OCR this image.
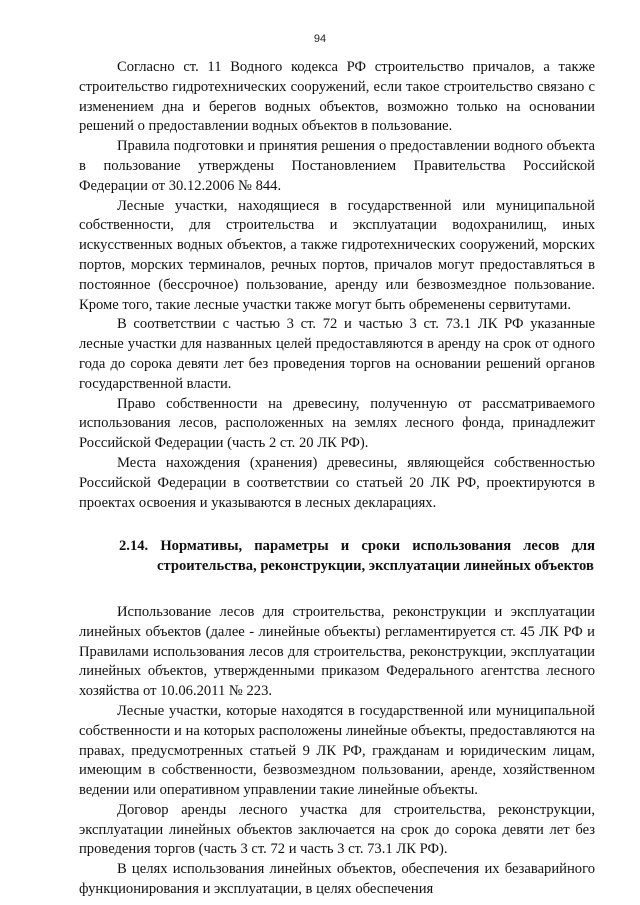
94

Согласно ст. 11 Водного кодекса РФ строительство причалов, а также строительство гидротехнических сооружений, если такое строительство связано с изменением дна и берегов водных объектов, возможно только на основании решений о предоставлении водных объектов в пользование.

Правила подготовки и принятия решения о предоставлении водного объекта в пользование утверждены Постановлением Правительства Российской Федерации от 30.12.2006 № 844.

Лесные участки, находящиеся в государственной или муниципальной собственности, для строительства и эксплуатации водохранилищ, иных искусственных водных объектов, а также гидротехнических сооружений, морских портов, морских терминалов, речных портов, причалов могут предоставляться в постоянное (бессрочное) пользование, аренду или безвозмездное пользование. Кроме того, такие лесные участки также могут быть обременены сервитутами.

В соответствии с частью 3 ст. 72 и частью 3 ст. 73.1 ЛК РФ указанные лесные участки для названных целей предоставляются в аренду на срок от одного года до сорока девяти лет без проведения торгов на основании решений органов государственной власти.

Право собственности на древесину, полученную от рассматриваемого использования лесов, расположенных на землях лесного фонда, принадлежит Российской Федерации (часть 2 ст. 20 ЛК РФ).

Места нахождения (хранения) древесины, являющейся собственностью Российской Федерации в соответствии со статьей 20 ЛК РФ, проектируются в проектах освоения и указываются в лесных декларациях.

2.14. Нормативы, параметры и сроки использования лесов для строительства, реконструкции, эксплуатации линейных объектов

Использование лесов для строительства, реконструкции и эксплуатации линейных объектов (далее - линейные объекты) регламентируется ст. 45 ЛК РФ и Правилами использования лесов для строительства, реконструкции, эксплуатации линейных объектов, утвержденными приказом Федерального агентства лесного хозяйства от 10.06.2011 № 223.

Лесные участки, которые находятся в государственной или муниципальной собственности и на которых расположены линейные объекты, предоставляются на правах, предусмотренных статьей 9 ЛК РФ, гражданам и юридическим лицам, имеющим в собственности, безвозмездном пользовании, аренде, хозяйственном ведении или оперативном управлении такие линейные объекты.

Договор аренды лесного участка для строительства, реконструкции, эксплуатации линейных объектов заключается на срок до сорока девяти лет без проведения торгов (часть 3 ст. 72 и часть 3 ст. 73.1 ЛК РФ).

В целях использования линейных объектов, обеспечения их безаварийного функционирования и эксплуатации, в целях обеспечения
